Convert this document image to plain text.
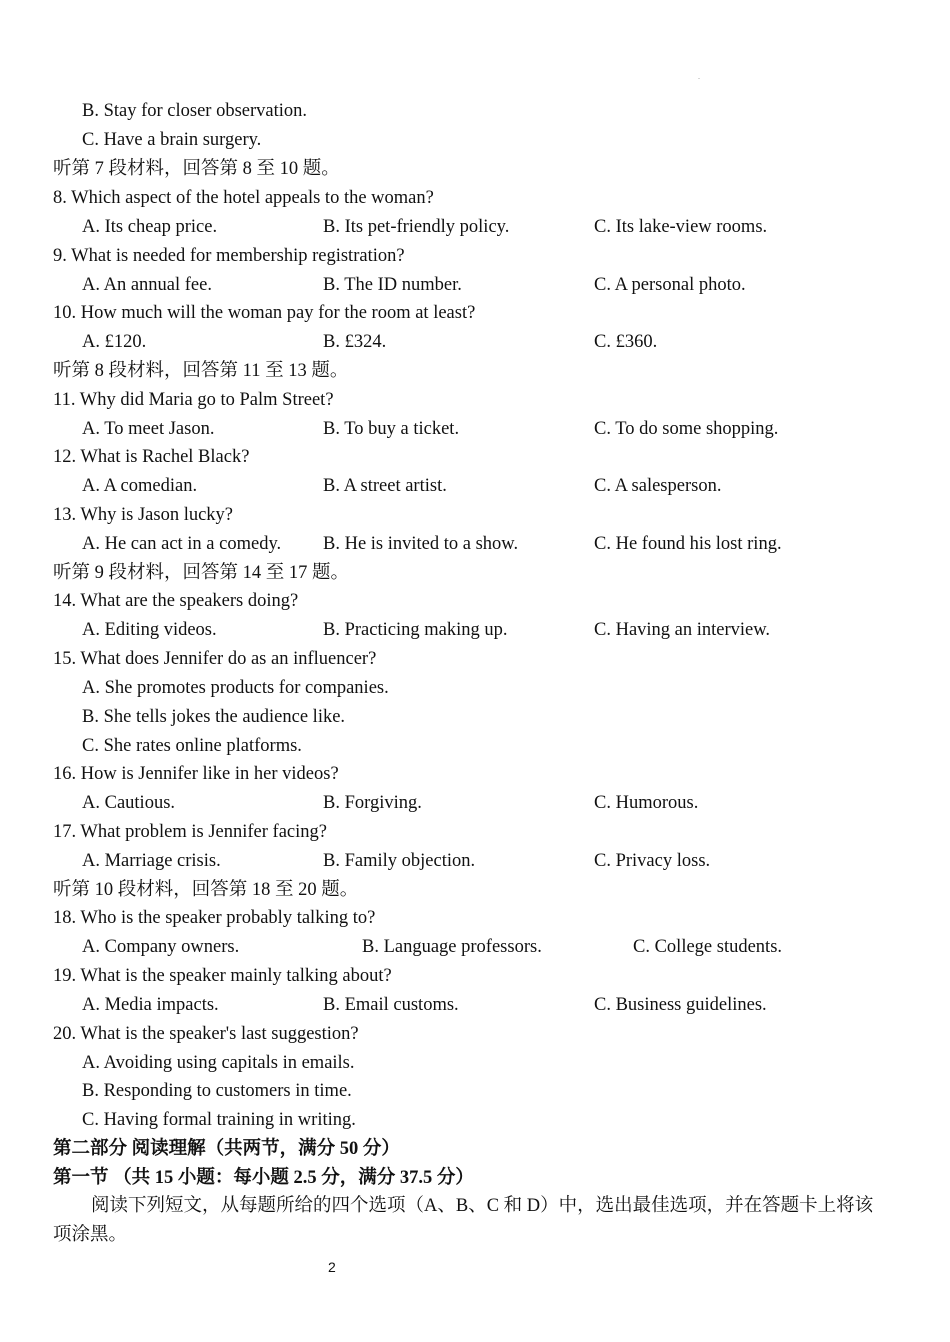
.
B. Stay for closer observation.
C. Have a brain surgery.
听第 7 段材料，回答第 8 至 10 题。
8. Which aspect of the hotel appeals to the woman?
A. Its cheap price.	B. Its pet-friendly policy.	C. Its lake-view rooms.
9. What is needed for membership registration?
A. An annual fee.	B. The ID number.	C. A personal photo.
10. How much will the woman pay for the room at least?
A. £120.	B. £324.	C. £360.
听第 8 段材料，回答第 11 至 13 题。
11. Why did Maria go to Palm Street?
A. To meet Jason.	B. To buy a ticket.	C. To do some shopping.
12. What is Rachel Black?
A. A comedian.	B. A street artist.	C. A salesperson.
13. Why is Jason lucky?
A. He can act in a comedy. B. He is invited to a show.	C. He found his lost ring.
听第 9 段材料，回答第 14 至 17 题。
14. What are the speakers doing?
A. Editing videos.	B. Practicing making up.	C. Having an interview.
15. What does Jennifer do as an influencer?
A. She promotes products for companies.
B. She tells jokes the audience like.
C. She rates online platforms.
16. How is Jennifer like in her videos?
A. Cautious.	B. Forgiving.	C. Humorous.
17. What problem is Jennifer facing?
A. Marriage crisis.	B. Family objection.	C. Privacy loss.
听第 10 段材料，回答第 18 至 20 题。
18. Who is the speaker probably talking to?
A. Company owners.	B. Language professors.	C. College students.
19. What is the speaker mainly talking about?
A. Media impacts.	B. Email customs.	C. Business guidelines.
20. What is the speaker's last suggestion?
A. Avoiding using capitals in emails.
B. Responding to customers in time.
C. Having formal training in writing.
第二部分 阅读理解（共两节，满分 50 分）
第一节 （共 15 小题：每小题 2.5 分，满分 37.5 分）
阅读下列短文，从每题所给的四个选项（A、B、C 和 D）中，选出最佳选项，并在答题卡上将该项涂黑。
2
